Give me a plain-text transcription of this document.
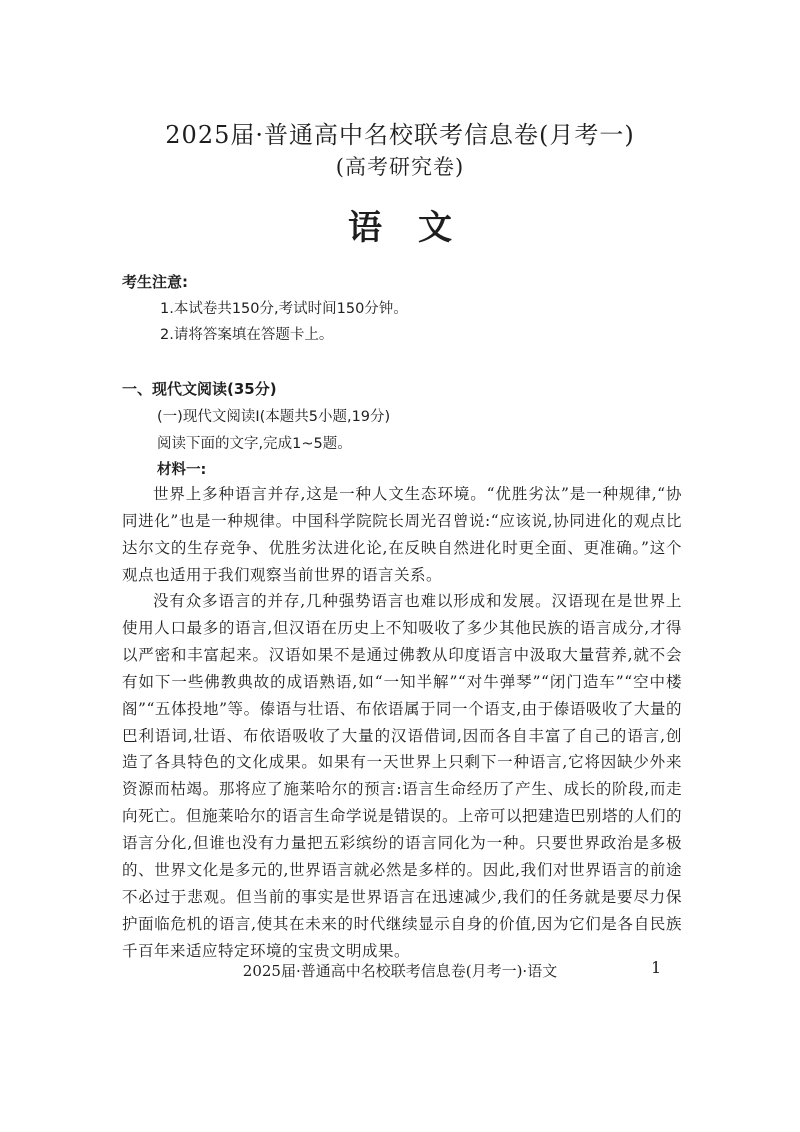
2025届·普通高中名校联考信息卷(月考一)
(高考研究卷)
语文
考生注意:
1.本试卷共150分,考试时间150分钟。
2.请将答案填在答题卡上。
一、现代文阅读(35分)
(一)现代文阅读Ⅰ(本题共5小题,19分)
阅读下面的文字,完成1~5题。
材料一:
世界上多种语言并存,这是一种人文生态环境。“优胜劣汰”是一种规律,“协同进化”也是一种规律。中国科学院院长周光召曾说:“应该说,协同进化的观点比达尔文的生存竞争、优胜劣汰进化论,在反映自然进化时更全面、更准确。”这个观点也适用于我们观察当前世界的语言关系。
没有众多语言的并存,几种强势语言也难以形成和发展。汉语现在是世界上使用人口最多的语言,但汉语在历史上不知吸收了多少其他民族的语言成分,才得以严密和丰富起来。汉语如果不是通过佛教从印度语言中汲取大量营养,就不会有如下一些佛教典故的成语熟语,如“一知半解”“对牛弹琴”“闭门造车”“空中楼阁”“五体投地”等。傣语与壮语、布依语属于同一个语支,由于傣语吸收了大量的巴利语词,壮语、布依语吸收了大量的汉语借词,因而各自丰富了自己的语言,创造了各具特色的文化成果。如果有一天世界上只剩下一种语言,它将因缺少外来资源而枯竭。那将应了施莱哈尔的预言:语言生命经历了产生、成长的阶段,而走向死亡。但施莱哈尔的语言生命学说是错误的。上帝可以把建造巴别塔的人们的语言分化,但谁也没有力量把五彩缤纷的语言同化为一种。只要世界政治是多极的、世界文化是多元的,世界语言就必然是多样的。因此,我们对世界语言的前途不必过于悲观。但当前的事实是世界语言在迅速减少,我们的任务就是要尽力保护面临危机的语言,使其在未来的时代继续显示自身的价值,因为它们是各自民族千百年来适应特定环境的宝贵文明成果。
2025届·普通高中名校联考信息卷(月考一)·语文	1
